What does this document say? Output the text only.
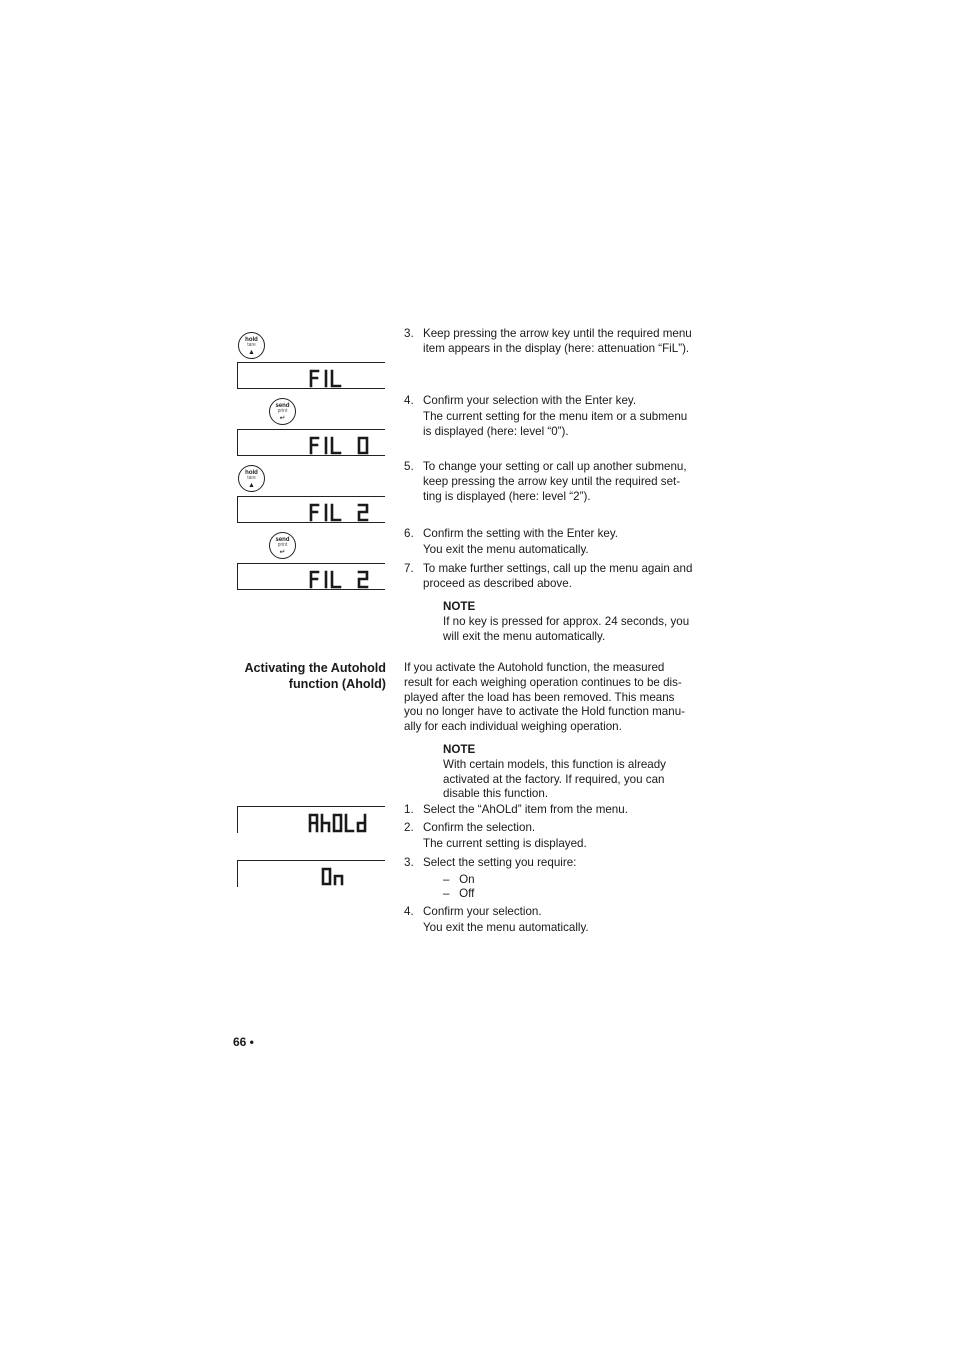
hold
tare
▲
send
print
↵
hold
tare
▲
send
print
↵
3. Keep pressing the arrow key until the required menu item appears in the display (here: attenuation “FiL”).
4. Confirm your selection with the Enter key.
The current setting for the menu item or a submenu is displayed (here: level “0”).
5. To change your setting or call up another submenu, keep pressing the arrow key until the required set-ting is displayed (here: level “2”).
6. Confirm the setting with the Enter key.
You exit the menu automatically.
7. To make further settings, call up the menu again and proceed as described above.
NOTE
If no key is pressed for approx. 24 seconds, you will exit the menu automatically.
Activating the Autohold
function (Ahold)
If you activate the Autohold function, the measured result for each weighing operation continues to be dis-played after the load has been removed. This means you no longer have to activate the Hold function manu-ally for each individual weighing operation.
NOTE
With certain models, this function is already activated at the factory. If required, you can disable this function.
1. Select the “AhOLd” item from the menu.
2. Confirm the selection.
The current setting is displayed.
3. Select the setting you require:
–   On
–   Off
4. Confirm your selection.
You exit the menu automatically.
66 •
